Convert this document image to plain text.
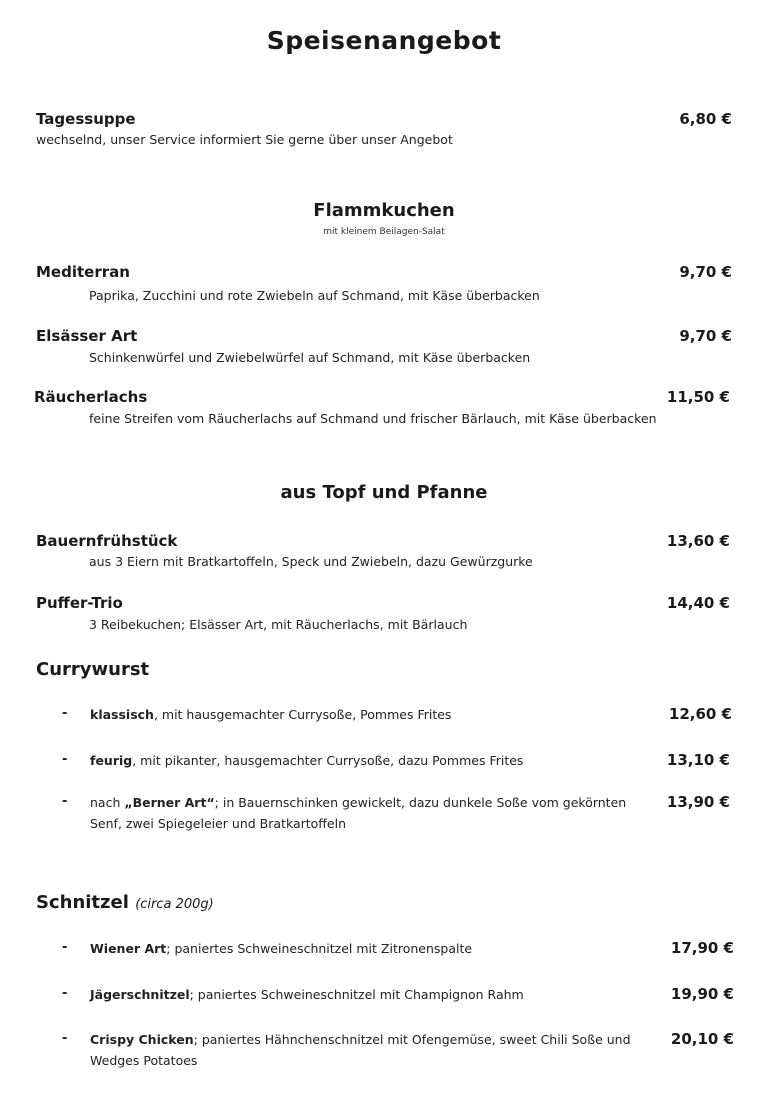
Speisenangebot
Tagessuppe	6,80 €
wechselnd, unser Service informiert Sie gerne über unser Angebot
Flammkuchen
mit kleinem Beilagen-Salat
Mediterran	9,70 €
Paprika, Zucchini und rote Zwiebeln auf Schmand, mit Käse überbacken
Elsässer Art	9,70 €
Schinkenwürfel und Zwiebelwürfel auf Schmand, mit Käse überbacken
Räucherlachs	11,50 €
feine Streifen vom Räucherlachs auf Schmand und frischer Bärlauch, mit Käse überbacken
aus Topf und Pfanne
Bauernfrühstück	13,60 €
aus 3 Eiern mit Bratkartoffeln, Speck und Zwiebeln, dazu Gewürzgurke
Puffer-Trio	14,40 €
3 Reibekuchen; Elsässer Art, mit Räucherlachs, mit Bärlauch
Currywurst
- klassisch, mit hausgemachter Currysoße, Pommes Frites	12,60 €
- feurig, mit pikanter, hausgemachter Currysoße, dazu Pommes Frites	13,10 €
- nach „Berner Art“; in Bauernschinken gewickelt, dazu dunkele Soße vom gekörnten Senf, zwei Spiegeleier und Bratkartoffeln
13,90 €
Schnitzel (circa 200g)
- Wiener Art; paniertes Schweineschnitzel mit Zitronenspalte	17,90 €
- Jägerschnitzel; paniertes Schweineschnitzel mit Champignon Rahm	19,90 €
- Crispy Chicken; paniertes Hähnchenschnitzel mit Ofengemüse, sweet Chili Soße und Wedges Potatoes
20,10 €
